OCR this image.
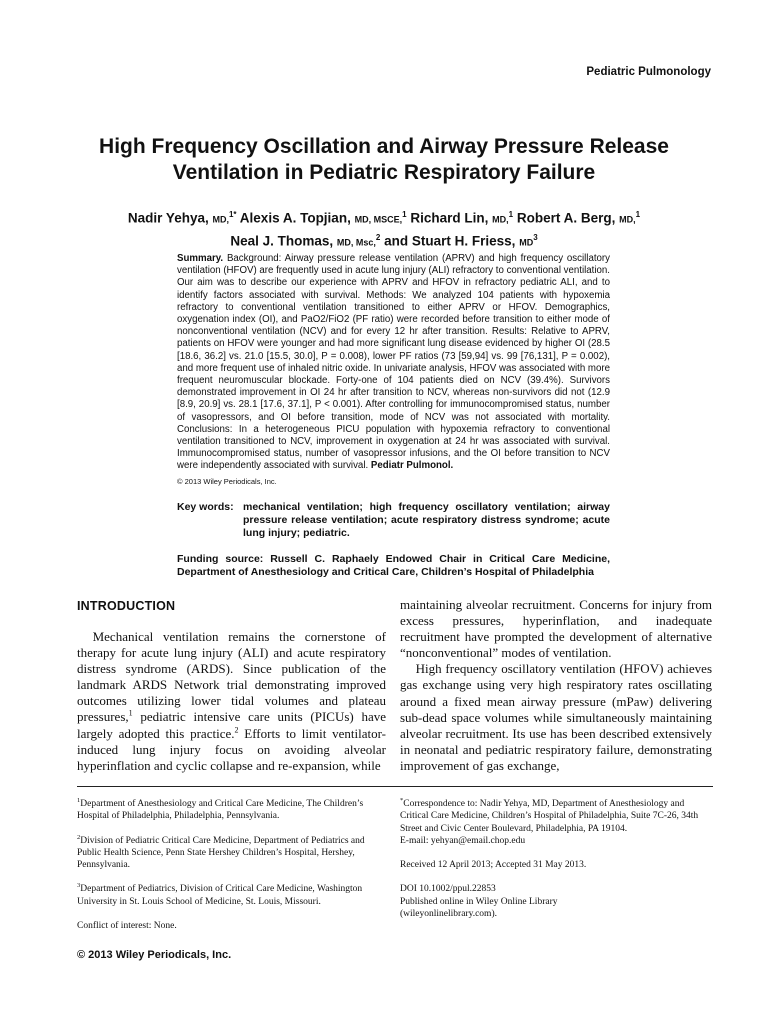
Pediatric Pulmonology
High Frequency Oscillation and Airway Pressure Release
Ventilation in Pediatric Respiratory Failure
Nadir Yehya, MD,$^{1*}$ Alexis A. Topjian, MD, MSCE,$^1$ Richard Lin, MD,$^1$ Robert A. Berg, MD,$^1$
Neal J. Thomas, MD, Msc,$^2$ and Stuart H. Friess, $MD^3$
Summary. Background: Airway pressure release ventilation (APRV) and high frequency oscillatory ventilation (HFOV) are frequently used in acute lung injury (ALI) refractory to conventional ventilation. Our aim was to describe our experience with APRV and HFOV in refractory pediatric ALI, and to identify factors associated with survival. Methods: We analyzed 104 patients with hypoxemia refractory to conventional ventilation transitioned to either APRV or HFOV. Demographics, oxygenation index (OI), and PaO2/FiO2 (PF ratio) were recorded before transition to either mode of nonconventional ventilation (NCV) and for every 12 hr after transition. Results: Relative to APRV, patients on HFOV were younger and had more significant lung disease evidenced by higher OI (28.5 [18.6, 36.2] vs. 21.0 [15.5, 30.0], P = 0.008), lower PF ratios (73 [59,94] vs. 99 [76,131], P = 0.002), and more frequent use of inhaled nitric oxide. In univariate analysis, HFOV was associated with more frequent neuromuscular blockade. Forty-one of 104 patients died on NCV (39.4%). Survivors demonstrated improvement in OI 24 hr after transition to NCV, whereas non-survivors did not (12.9 [8.9, 20.9] vs. 28.1 [17.6, 37.1], P < 0.001). After controlling for immunocompromised status, number of vasopressors, and OI before transition, mode of NCV was not associated with mortality. Conclusions: In a heterogeneous PICU population with hypoxemia refractory to conventional ventilation transitioned to NCV, improvement in oxygenation at 24 hr was associated with survival. Immunocompromised status, number of vasopressor infusions, and the OI before transition to NCV were independently associated with survival. Pediatr Pulmonol.
© 2013 Wiley Periodicals, Inc.
Key words: mechanical ventilation; high frequency oscillatory ventilation; airway pressure release ventilation; acute respiratory distress syndrome; acute lung injury; pediatric.
Funding source: Russell C. Raphaely Endowed Chair in Critical Care Medicine, Department of Anesthesiology and Critical Care, Children’s Hospital of Philadelphia
INTRODUCTION

Mechanical ventilation remains the cornerstone of therapy for acute lung injury (ALI) and acute respiratory distress syndrome (ARDS). Since publication of the landmark ARDS Network trial demonstrating improved outcomes utilizing lower tidal volumes and plateau pressures,$^1$ pediatric intensive care units (PICUs) have largely adopted this practice.$^2$ Efforts to limit ventilator-induced lung injury focus on avoiding alveolar hyperinflation and cyclic collapse and re-expansion, while

maintaining alveolar recruitment. Concerns for injury from excess pressures, hyperinflation, and inadequate recruitment have prompted the development of alternative “nonconventional” modes of ventilation.

High frequency oscillatory ventilation (HFOV) achieves gas exchange using very high respiratory rates oscillating around a fixed mean airway pressure (mPaw) delivering sub-dead space volumes while simultaneously maintaining alveolar recruitment. Its use has been described extensively in neonatal and pediatric respiratory failure, demonstrating improvement of gas exchange,

$^1$Department of Anesthesiology and Critical Care Medicine, The Children’s Hospital of Philadelphia, Philadelphia, Pennsylvania.

$^2$Division of Pediatric Critical Care Medicine, Department of Pediatrics and Public Health Science, Penn State Hershey Children’s Hospital, Hershey, Pennsylvania.

$^3$Department of Pediatrics, Division of Critical Care Medicine, Washington University in St. Louis School of Medicine, St. Louis, Missouri.

Conflict of interest: None.

*Correspondence to: Nadir Yehya, MD, Department of Anesthesiology and Critical Care Medicine, Children’s Hospital of Philadelphia, Suite 7C-26, 34th Street and Civic Center Boulevard, Philadelphia, PA 19104.
E-mail: yehyan@email.chop.edu

Received 12 April 2013; Accepted 31 May 2013.

DOI 10.1002/ppul.22853
Published online in Wiley Online Library
(wileyonlinelibrary.com).

© 2013 Wiley Periodicals, Inc.
